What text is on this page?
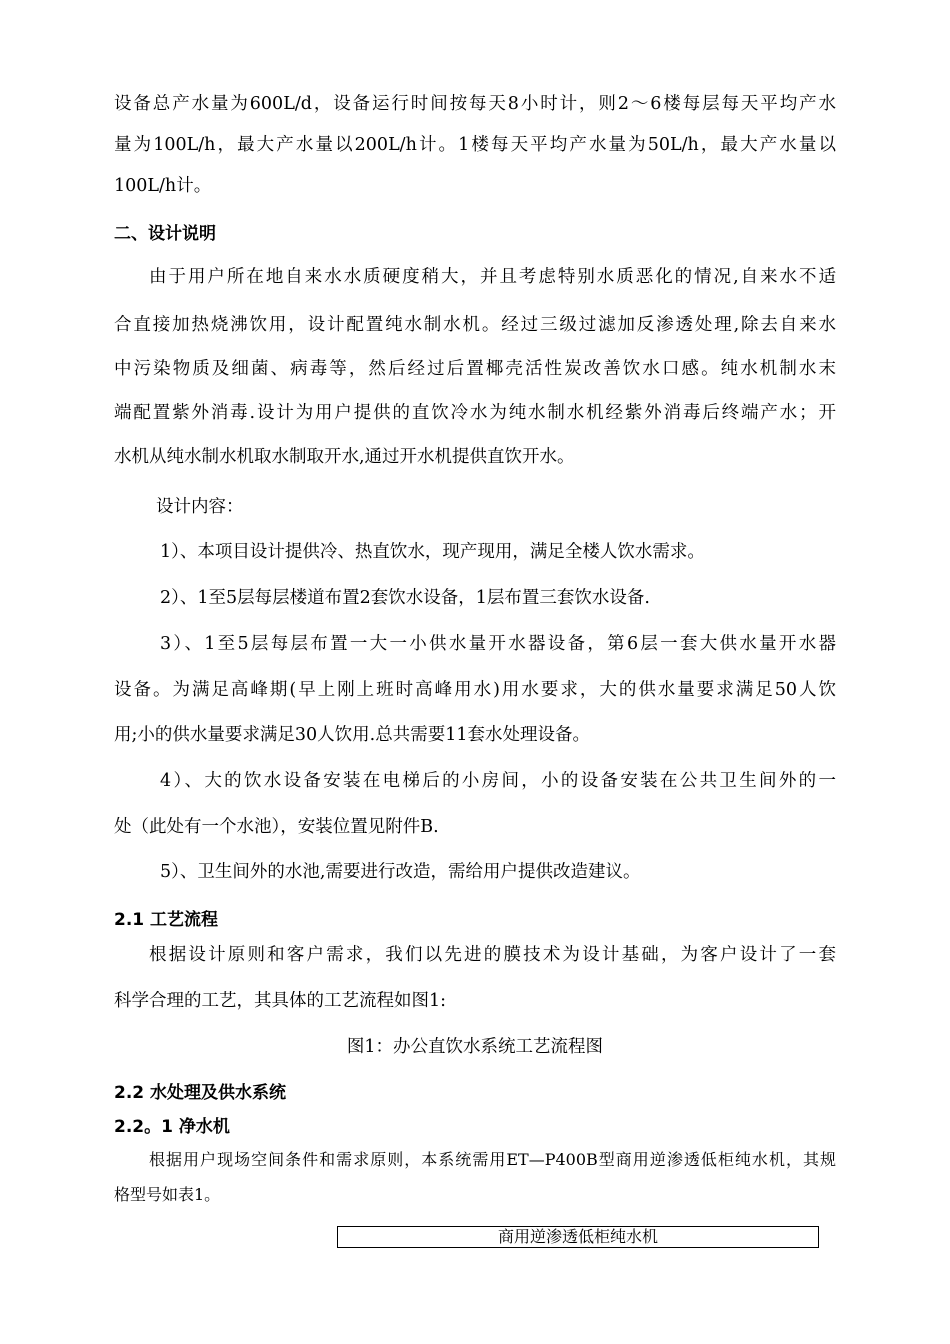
设备总产水量为600L/d，设备运行时间按每天8小时计，则2～6楼每层每天平均产水
量为100L/h，最大产水量以200L/h计。1楼每天平均产水量为50L/h，最大产水量以
100L/h计。
二、设计说明
由于用户所在地自来水水质硬度稍大，并且考虑特别水质恶化的情况,自来水不适
合直接加热烧沸饮用，设计配置纯水制水机。经过三级过滤加反渗透处理,除去自来水
中污染物质及细菌、病毒等，然后经过后置椰壳活性炭改善饮水口感。纯水机制水末
端配置紫外消毒.设计为用户提供的直饮冷水为纯水制水机经紫外消毒后终端产水；开
水机从纯水制水机取水制取开水,通过开水机提供直饮开水。
设计内容：
1）、本项目设计提供冷、热直饮水，现产现用，满足全楼人饮水需求。
2）、1至5层每层楼道布置2套饮水设备，1层布置三套饮水设备.
3）、1至5层每层布置一大一小供水量开水器设备，第6层一套大供水量开水器
设备。为满足高峰期(早上刚上班时高峰用水)用水要求，大的供水量要求满足50人饮
用;小的供水量要求满足30人饮用.总共需要11套水处理设备。
4）、大的饮水设备安装在电梯后的小房间，小的设备安装在公共卫生间外的一
处（此处有一个水池），安装位置见附件B.
5）、卫生间外的水池,需要进行改造，需给用户提供改造建议。
2.1 工艺流程
根据设计原则和客户需求，我们以先进的膜技术为设计基础，为客户设计了一套
科学合理的工艺，其具体的工艺流程如图1:
图1：办公直饮水系统工艺流程图
2.2 水处理及供水系统
2.2。1 净水机
根据用户现场空间条件和需求原则，本系统需用ET—P400B型商用逆渗透低柜纯水机，其规
格型号如表1。
商用逆渗透低柜纯水机
